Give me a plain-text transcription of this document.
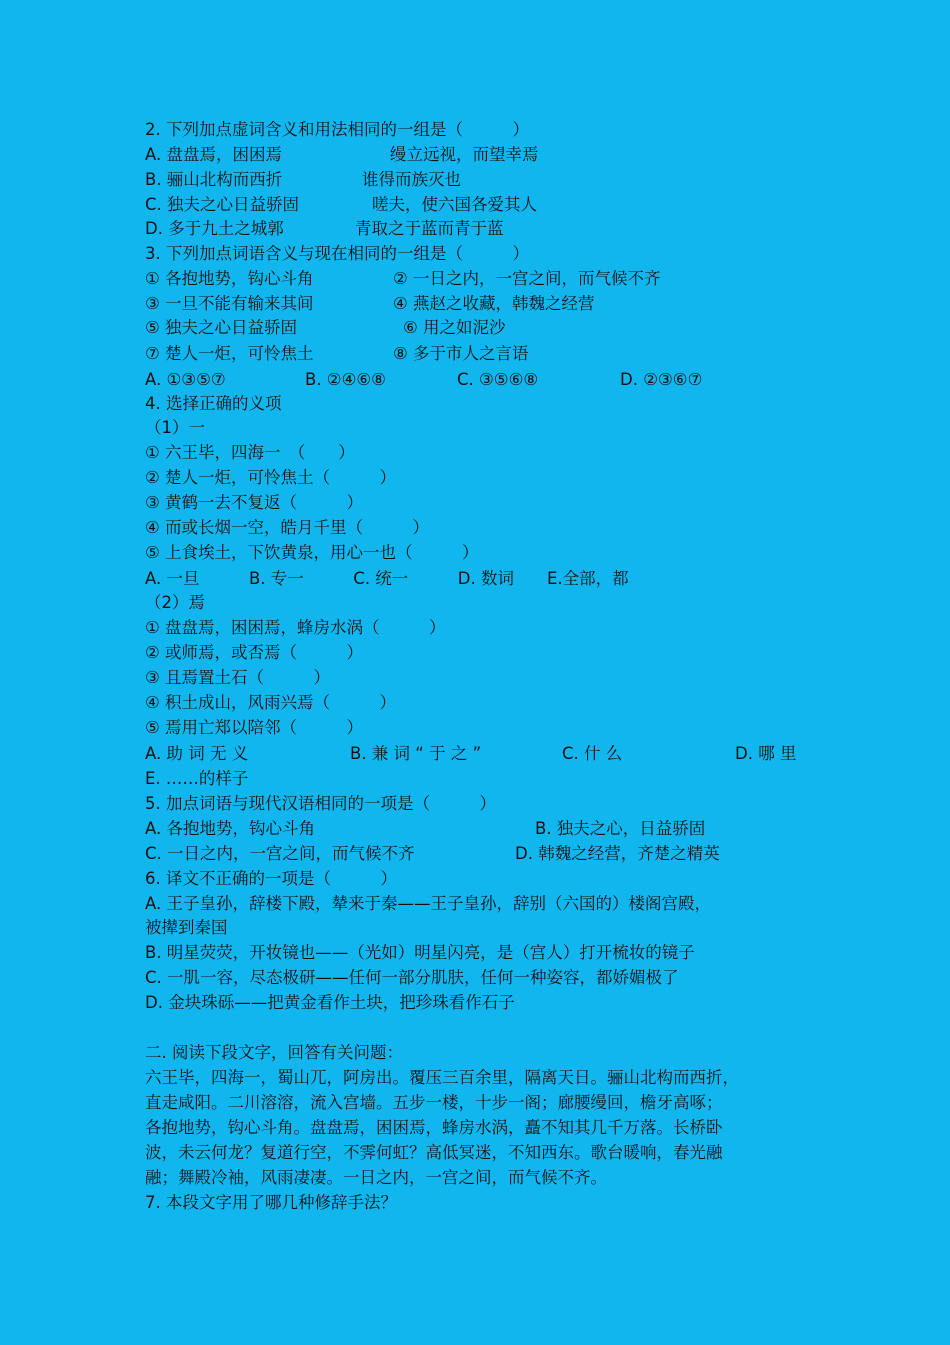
2. 下列加点虚词含义和用法相同的一组是（　　　）
A. 盘盘焉，困困焉	缦立远视，而望幸焉
B. 骊山北构而西折	谁得而族灭也
C. 独夫之心日益骄固	嗟夫，使六国各爱其人
D. 多于九土之城郭	青取之于蓝而青于蓝
3. 下列加点词语含义与现在相同的一组是（　　　）
① 各抱地势，钩心斗角	② 一日之内，一宫之间，而气候不齐
③ 一旦不能有输来其间	④ 燕赵之收藏，韩魏之经营
⑤ 独夫之心日益骄固	⑥ 用之如泥沙
⑦ 楚人一炬，可怜焦土	⑧ 多于市人之言语
A. ①③⑤⑦	B. ②④⑥⑧	C. ③⑤⑥⑧	D. ②③⑥⑦
4. 选择正确的义项
（1）一
① 六王毕，四海一　（　　）
② 楚人一炬，可怜焦土（　　　）
③ 黄鹤一去不复返（　　　）
④ 而或长烟一空，皓月千里（　　　）
⑤ 上食埃土，下饮黄泉，用心一也（　　　）
A. 一旦　　　B. 专一　　　C. 统一　　　D. 数词　　E.全部，都
（2）焉
① 盘盘焉，困困焉，蜂房水涡（　　　）
② 或师焉，或否焉（　　　）
③ 且焉置土石（　　　）
④ 积土成山，风雨兴焉（　　　）
⑤ 焉用亡郑以陪邻（　　　）
A. 助 词 无 义	B. 兼 词 “ 于 之 ”	C. 什 么	D. 哪 里
E. ……的样子
5. 加点词语与现代汉语相同的一项是（　　　）
A. 各抱地势，钩心斗角	B. 独夫之心，日益骄固
C. 一日之内，一宫之间，而气候不齐	D. 韩魏之经营，齐楚之精英
6. 译文不正确的一项是（　　　）
A. 王子皇孙，辞楼下殿，辇来于秦——王子皇孙，辞别（六国的）楼阁宫殿，
被撵到秦国
B. 明星荧荧，开妆镜也——（光如）明星闪亮，是（宫人）打开梳妆的镜子
C. 一肌一容，尽态极研——任何一部分肌肤，任何一种姿容，都娇媚极了
D. 金块珠砾——把黄金看作土块，把珍珠看作石子
二. 阅读下段文字，回答有关问题：
六王毕，四海一，蜀山兀，阿房出。覆压三百余里，隔离天日。骊山北构而西折，
直走咸阳。二川溶溶，流入宫墙。五步一楼，十步一阁；廊腰缦回，檐牙高啄；
各抱地势，钩心斗角。盘盘焉，困困焉，蜂房水涡，矗不知其几千万落。长桥卧
波，未云何龙？复道行空，不霁何虹？高低冥迷，不知西东。歌台暖响，春光融
融；舞殿冷袖，风雨凄凄。一日之内，一宫之间，而气候不齐。
7. 本段文字用了哪几种修辞手法？
